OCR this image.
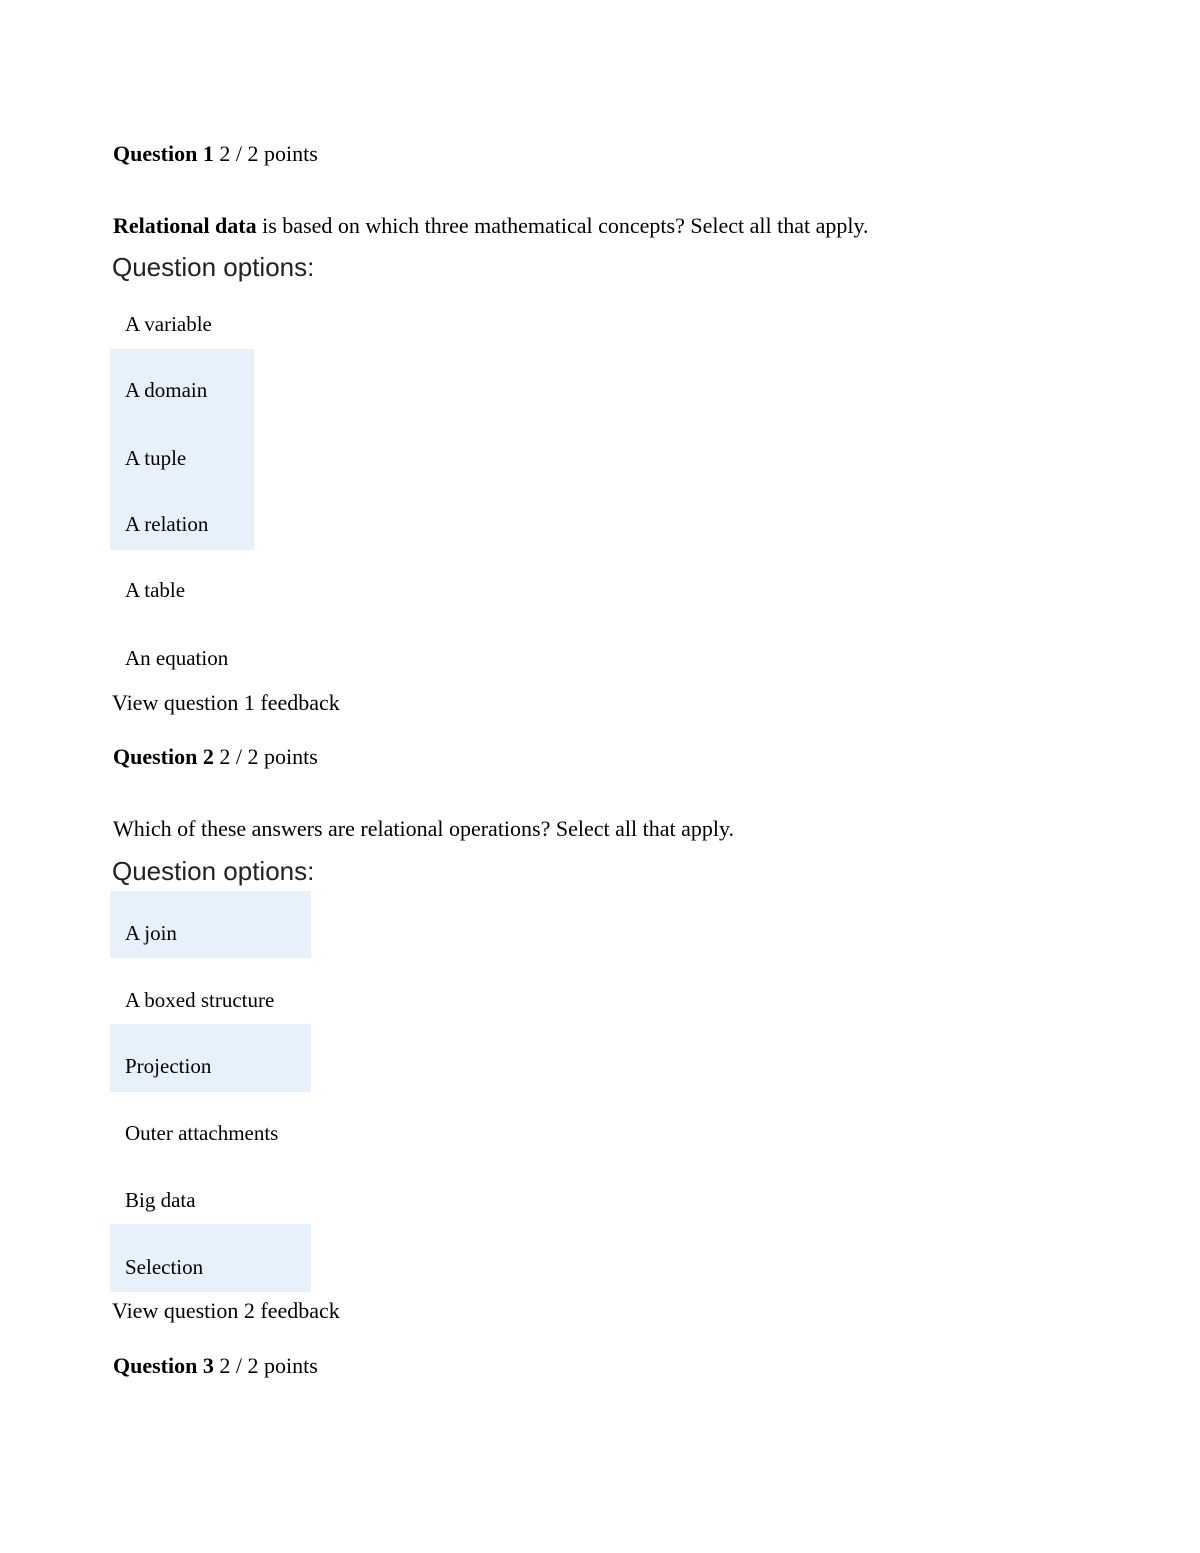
Question 1 2 / 2 points
Relational data is based on which three mathematical concepts? Select all that apply.
Question options:
A variable
A domain
A tuple
A relation
A table
An equation
View question 1 feedback
Question 2 2 / 2 points
Which of these answers are relational operations? Select all that apply.
Question options:
A join
A boxed structure
Projection
Outer attachments
Big data
Selection
View question 2 feedback
Question 3 2 / 2 points
